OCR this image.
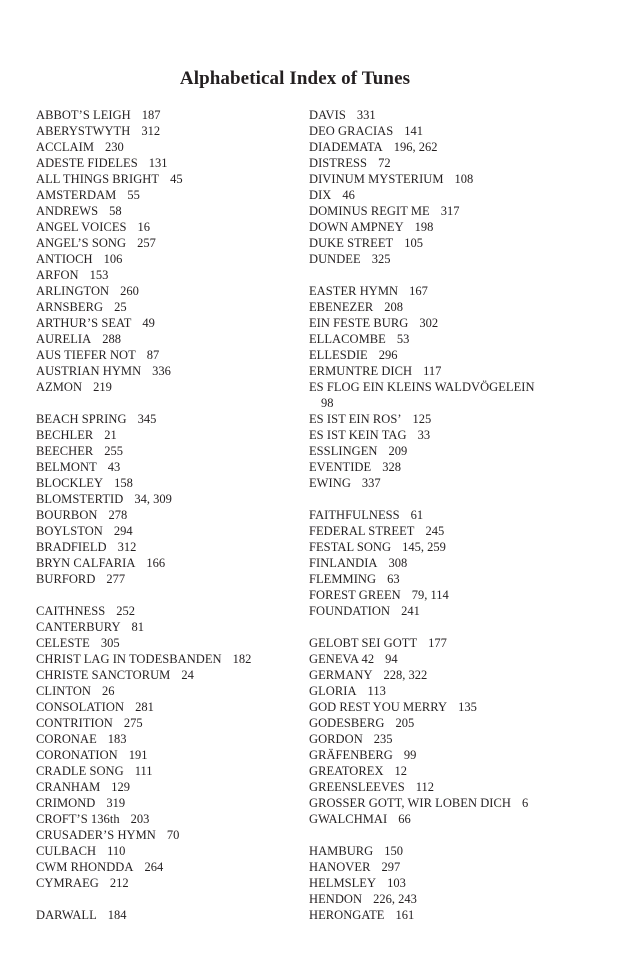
Alphabetical Index of Tunes
ABBOT’S LEIGH 187
ABERYSTWYTH 312
ACCLAIM 230
ADESTE FIDELES 131
ALL THINGS BRIGHT 45
AMSTERDAM 55
ANDREWS 58
ANGEL VOICES 16
ANGEL’S SONG 257
ANTIOCH 106
ARFON 153
ARLINGTON 260
ARNSBERG 25
ARTHUR’S SEAT 49
AURELIA 288
AUS TIEFER NOT 87
AUSTRIAN HYMN 336
AZMON 219
BEACH SPRING 345
BECHLER 21
BEECHER 255
BELMONT 43
BLOCKLEY 158
BLOMSTERTID 34, 309
BOURBON 278
BOYLSTON 294
BRADFIELD 312
BRYN CALFARIA 166
BURFORD 277
CAITHNESS 252
CANTERBURY 81
CELESTE 305
CHRIST LAG IN TODESBANDEN 182
CHRISTE SANCTORUM 24
CLINTON 26
CONSOLATION 281
CONTRITION 275
CORONAE 183
CORONATION 191
CRADLE SONG 111
CRANHAM 129
CRIMOND 319
CROFT’S 136th 203
CRUSADER’S HYMN 70
CULBACH 110
CWM RHONDDA 264
CYMRAEG 212
DARWALL 184
DAVIS 331
DEO GRACIAS 141
DIADEMATA 196, 262
DISTRESS 72
DIVINUM MYSTERIUM 108
DIX 46
DOMINUS REGIT ME 317
DOWN AMPNEY 198
DUKE STREET 105
DUNDEE 325
EASTER HYMN 167
EBENEZER 208
EIN FESTE BURG 302
ELLACOMBE 53
ELLESDIE 296
ERMUNTRE DICH 117
ES FLOG EIN KLEINS WALDVÖGELEIN
98
ES IST EIN ROS’ 125
ES IST KEIN TAG 33
ESSLINGEN 209
EVENTIDE 328
EWING 337
FAITHFULNESS 61
FEDERAL STREET 245
FESTAL SONG 145, 259
FINLANDIA 308
FLEMMING 63
FOREST GREEN 79, 114
FOUNDATION 241
GELOBT SEI GOTT 177
GENEVA 42 94
GERMANY 228, 322
GLORIA 113
GOD REST YOU MERRY 135
GODESBERG 205
GORDON 235
GRÄFENBERG 99
GREATOREX 12
GREENSLEEVES 112
GROSSER GOTT, WIR LOBEN DICH 6
GWALCHMAI 66
HAMBURG 150
HANOVER 297
HELMSLEY 103
HENDON 226, 243
HERONGATE 161
